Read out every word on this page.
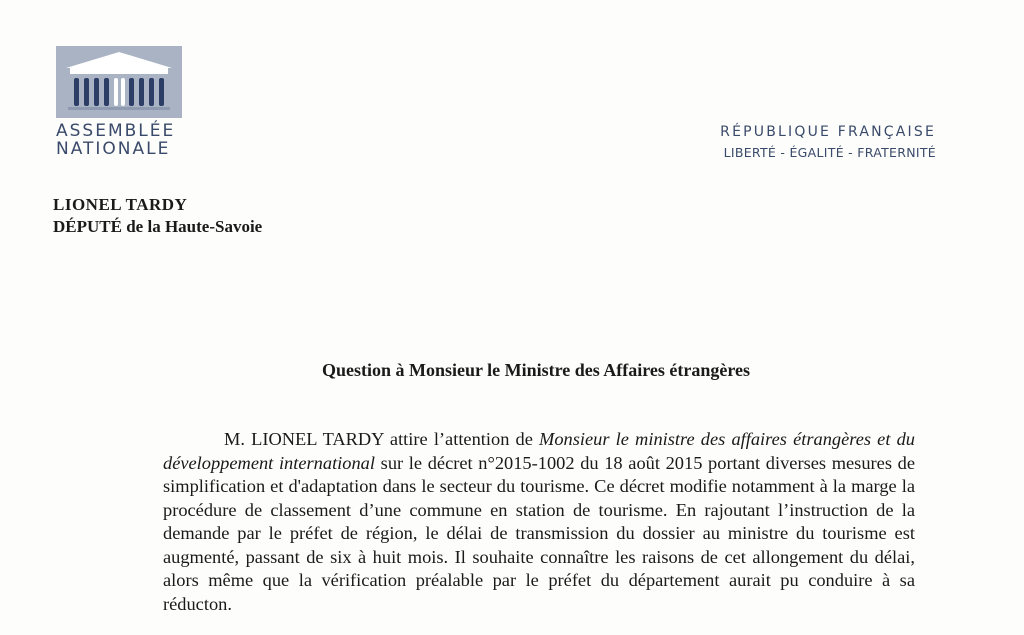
ASSEMBLÉE
NATIONALE
RÉPUBLIQUE FRANÇAISE
LIBERTÉ - ÉGALITÉ - FRATERNITÉ
LIONEL TARDY
DÉPUTÉ de la Haute-Savoie
Question à Monsieur le Ministre des Affaires étrangères

M. LIONEL TARDY attire l’attention de Monsieur le ministre des affaires étrangères et du développement international sur le décret n°2015-1002 du 18 août 2015 portant diverses mesures de simplification et d'adaptation dans le secteur du tourisme. Ce décret modifie notamment à la marge la procédure de classement d’une commune en station de tourisme. En rajoutant l’instruction de la demande par le préfet de région, le délai de transmission du dossier au ministre du tourisme est augmenté, passant de six à huit mois. Il souhaite connaître les raisons de cet allongement du délai, alors même que la vérification préalable par le préfet du département aurait pu conduire à sa réducton.
